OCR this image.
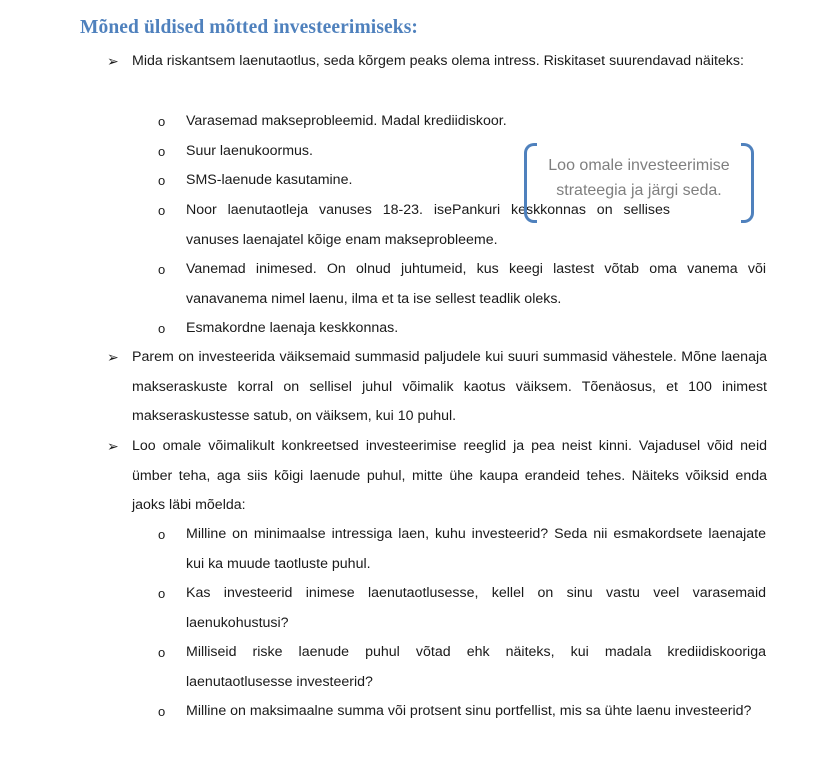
Mõned üldised mõtted investeerimiseks:
➢ Mida riskantsem laenutaotlus, seda kõrgem peaks olema intress. Riskitaset suurendavad näiteks:
o Varasemad makseprobleemid. Madal krediidiskoor.
o Suur laenukoormus.
o SMS-laenude kasutamine.
o Noor laenutaotleja vanuses 18-23. isePankuri keskkonnas on sellises vanuses laenajatel kõige enam makseprobleeme.
o Vanemad inimesed. On olnud juhtumeid, kus keegi lastest võtab oma vanema või vanavanema nimel laenu, ilma et ta ise sellest teadlik oleks.
o Esmakordne laenaja keskkonnas.
➢ Parem on investeerida väiksemaid summasid paljudele kui suuri summasid vähestele. Mõne laenaja makseraskuste korral on sellisel juhul võimalik kaotus väiksem. Tõenäosus, et 100 inimest makseraskustesse satub, on väiksem, kui 10 puhul.
➢ Loo omale võimalikult konkreetsed investeerimise reeglid ja pea neist kinni. Vajadusel võid neid ümber teha, aga siis kõigi laenude puhul, mitte ühe kaupa erandeid tehes. Näiteks võiksid enda jaoks läbi mõelda:
o Milline on minimaalse intressiga laen, kuhu investeerid? Seda nii esmakordsete laenajate kui ka muude taotluste puhul.
o Kas investeerid inimese laenutaotlusesse, kellel on sinu vastu veel varasemaid laenukohustusi?
o Milliseid riske laenude puhul võtad ehk näiteks, kui madala krediidiskooriga laenutaotlusesse investeerid?
o Milline on maksimaalne summa või protsent sinu portfellist, mis sa ühte laenu investeerid?
Loo omale investeerimise
strateegia ja järgi seda.
